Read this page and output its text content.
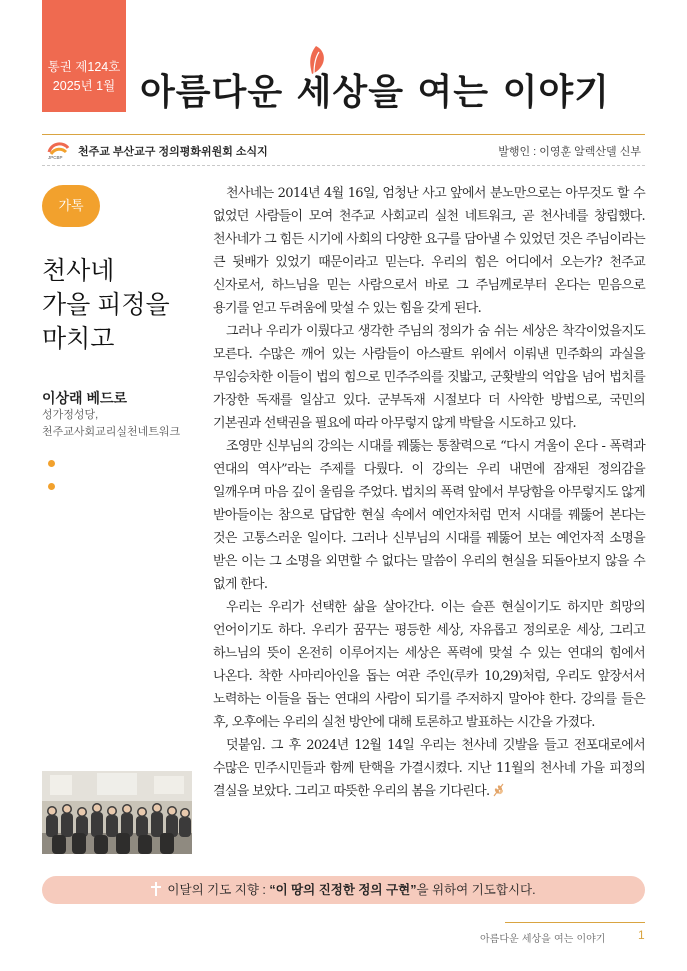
통권 제124호
2025년 1월 아름다운 세상을 여는 이야기
JPCBP 천주교 부산교구 정의평화위원회 소식지	발행인 : 이영훈 알렉산델 신부
가톡
천사네
가을 피정을
마치고
이상래 베드로
성가정성당,
천주교사회교리실천네트워크

천사네는 2014년 4월 16일, 엄청난 사고 앞에서 분노만으로는 아무것도 할 수 없었던 사람들이 모여 천주교 사회교리 실천 네트워크, 곧 천사네를 창립했다. 천사네가 그 힘든 시기에 사회의 다양한 요구를 담아낼 수 있었던 것은 주님이라는 큰 뒷배가 있었기 때문이라고 믿는다. 우리의 힘은 어디에서 오는가? 천주교 신자로서, 하느님을 믿는 사람으로서 바로 그 주님께로부터 온다는 믿음으로 용기를 얻고 두려움에 맞설 수 있는 힘을 갖게 된다.

그러나 우리가 이뤘다고 생각한 주님의 정의가 숨 쉬는 세상은 착각이었을지도 모른다. 수많은 깨어 있는 사람들이 아스팔트 위에서 이뤄낸 민주화의 과실을 무임승차한 이들이 법의 힘으로 민주주의를 짓밟고, 군홧발의 억압을 넘어 법치를 가장한 독재를 일삼고 있다. 군부독재 시절보다 더 사악한 방법으로, 국민의 기본권과 선택권을 필요에 따라 아무렇지 않게 박탈을 시도하고 있다.

조영만 신부님의 강의는 시대를 꿰뚫는 통찰력으로 “다시 겨울이 온다 - 폭력과 연대의 역사”라는 주제를 다뤘다. 이 강의는 우리 내면에 잠재된 정의감을 일깨우며 마음 깊이 울림을 주었다. 법치의 폭력 앞에서 부당함을 아무렇지도 않게 받아들이는 참으로 답답한 현실 속에서 예언자처럼 먼저 시대를 꿰뚫어 본다는 것은 고통스러운 일이다. 그러나 신부님의 시대를 꿰뚫어 보는 예언자적 소명을 받은 이는 그 소명을 외면할 수 없다는 말씀이 우리의 현실을 되돌아보지 않을 수 없게 한다.

우리는 우리가 선택한 삶을 살아간다. 이는 슬픈 현실이기도 하지만 희망의 언어이기도 하다. 우리가 꿈꾸는 평등한 세상, 자유롭고 정의로운 세상, 그리고 하느님의 뜻이 온전히 이루어지는 세상은 폭력에 맞설 수 있는 연대의 힘에서 나온다. 착한 사마리아인을 돕는 여관 주인(루카 10,29)처럼, 우리도 앞장서서 노력하는 이들을 돕는 연대의 사람이 되기를 주저하지 말아야 한다. 강의를 들은 후, 오후에는 우리의 실천 방안에 대해 토론하고 발표하는 시간을 가졌다.

덧붙임. 그 후 2024년 12월 14일 우리는 천사네 깃발을 들고 전포대로에서 수많은 민주시민들과 함께 탄핵을 가결시켰다. 지난 11월의 천사네 가을 피정의 결실을 보았다. 그리고 따뜻한 우리의 봄을 기다린다.

이달의 기도 지향 : “이 땅의 진정한 정의 구현”을 위하여 기도합시다.
아름다운 세상을 여는 이야기	1
